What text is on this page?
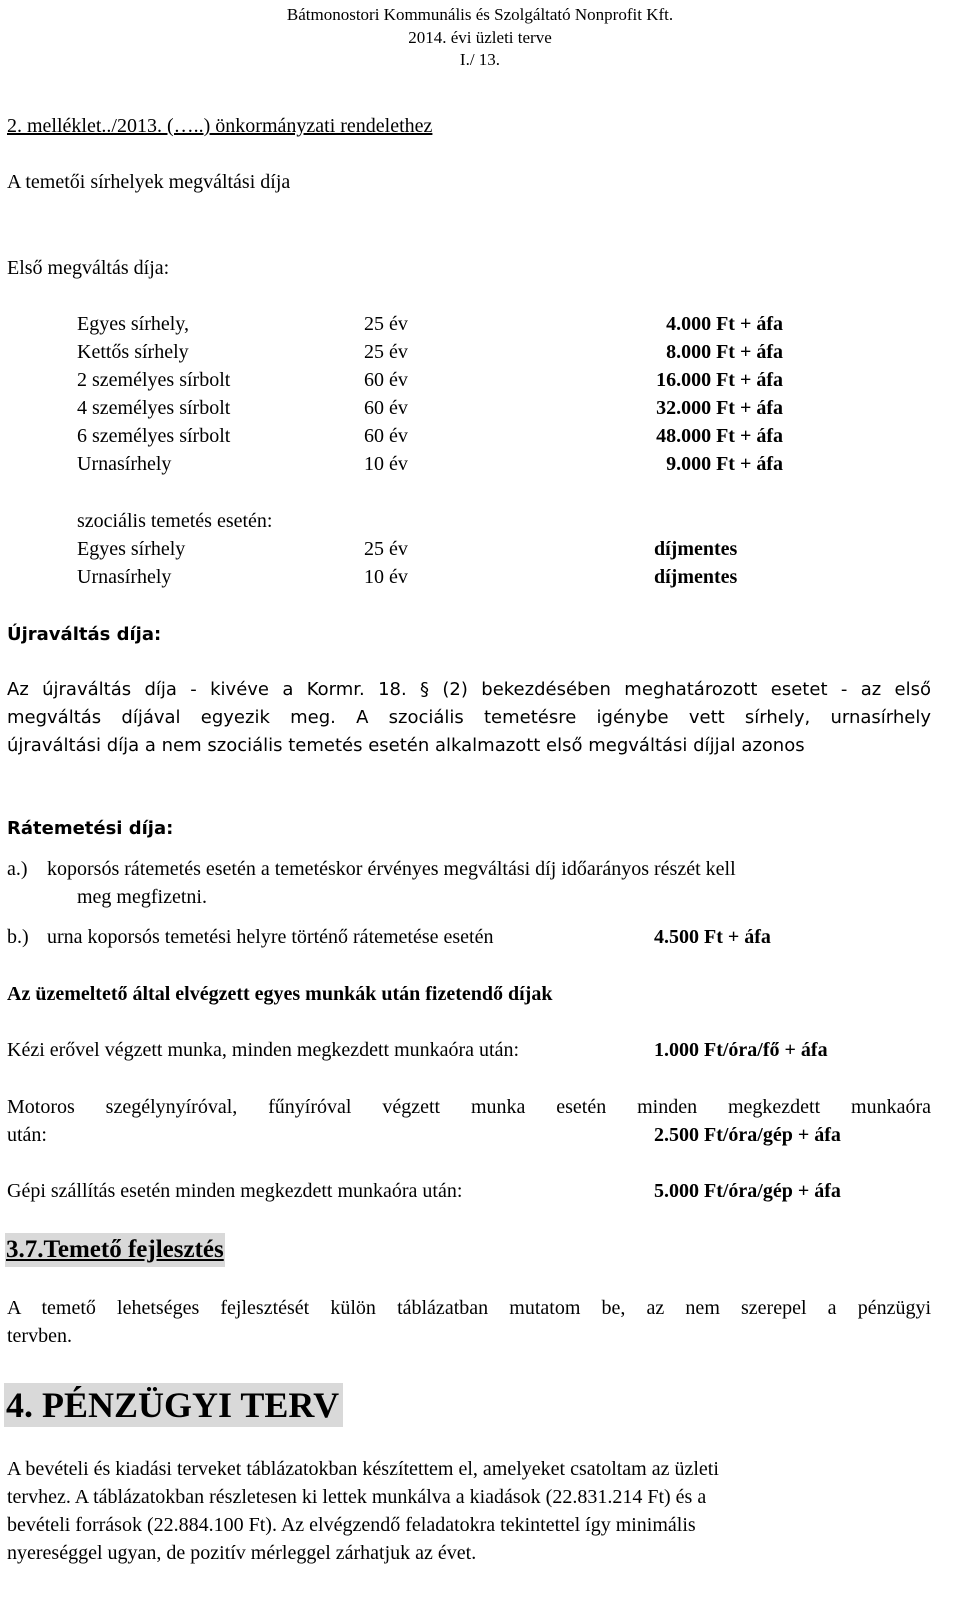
Bátmonostori Kommunális és Szolgáltató Nonprofit Kft.
2014. évi üzleti terve
I./ 13.
2. melléklet../2013. (…..) önkormányzati rendelethez
A temetői sírhelyek megváltási díja
Első megváltás díja:
Egyes sírhely,	25 év	4.000 Ft + áfa
Kettős sírhely	25 év	8.000 Ft + áfa
2 személyes sírbolt	60 év	16.000 Ft + áfa
4 személyes sírbolt	60 év	32.000 Ft + áfa
6 személyes sírbolt	60 év	48.000 Ft + áfa
Urnasírhely	10 év	9.000 Ft + áfa
szociális temetés esetén:
Egyes sírhely	25 év	díjmentes
Urnasírhely	10 év	díjmentes
Újraváltás díja:
Az újraváltás díja - kivéve a Kormr. 18. § (2) bekezdésében meghatározott esetet - az első
megváltás díjával egyezik meg. A szociális temetésre igénybe vett sírhely, urnasírhely
újraváltási díja a nem szociális temetés esetén alkalmazott első megváltási díjjal azonos
Rátemetési díja:
a.) koporsós rátemetés esetén a temetéskor érvényes megváltási díj időarányos részét kell
meg megfizetni.
b.) urna koporsós temetési helyre történő rátemetése esetén	4.500 Ft + áfa
Az üzemeltető által elvégzett egyes munkák után fizetendő díjak
Kézi erővel végzett munka, minden megkezdett munkaóra után:	1.000 Ft/óra/fő + áfa
Motoros szegélynyíróval, fűnyíróval végzett munka esetén minden megkezdett munkaóra
után:	2.500 Ft/óra/gép + áfa
Gépi szállítás esetén minden megkezdett munkaóra után:	5.000 Ft/óra/gép + áfa
3.7.Temető fejlesztés
A temető lehetséges fejlesztését külön táblázatban mutatom be, az nem szerepel a pénzügyi
tervben.
4. PÉNZÜGYI TERV
A bevételi és kiadási terveket táblázatokban készítettem el, amelyeket csatoltam az üzleti
tervhez. A táblázatokban részletesen ki lettek munkálva a kiadások (22.831.214 Ft) és a
bevételi források (22.884.100 Ft). Az elvégzendő feladatokra tekintettel így minimális
nyereséggel ugyan, de pozitív mérleggel zárhatjuk az évet.
